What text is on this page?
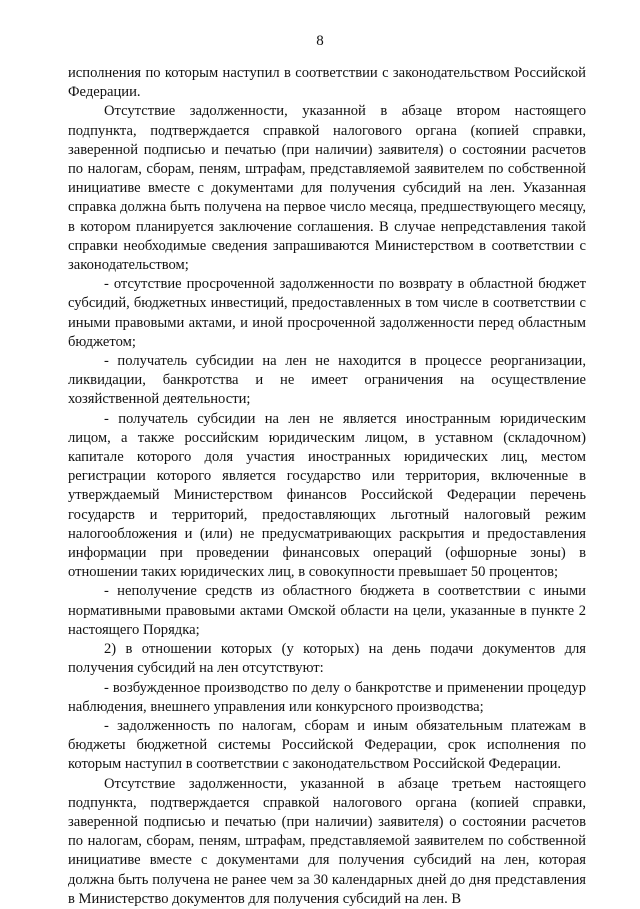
8

исполнения по которым наступил в соответствии с законодательством Российской Федерации.

Отсутствие задолженности, указанной в абзаце втором настоящего подпункта, подтверждается справкой налогового органа (копией справки, заверенной подписью и печатью (при наличии) заявителя) о состоянии расчетов по налогам, сборам, пеням, штрафам, представляемой заявителем по собственной инициативе вместе с документами для получения субсидий на лен. Указанная справка должна быть получена на первое число месяца, предшествующего месяцу, в котором планируется заключение соглашения. В случае непредставления такой справки необходимые сведения запрашиваются Министерством в соответствии с законодательством;

- отсутствие просроченной задолженности по возврату в областной бюджет субсидий, бюджетных инвестиций, предоставленных в том числе в соответствии с иными правовыми актами, и иной просроченной задолженности перед областным бюджетом;

- получатель субсидии на лен не находится в процессе реорганизации, ликвидации, банкротства и не имеет ограничения на осуществление хозяйственной деятельности;

- получатель субсидии на лен не является иностранным юридическим лицом, а также российским юридическим лицом, в уставном (складочном) капитале которого доля участия иностранных юридических лиц, местом регистрации которого является государство или территория, включенные в утверждаемый Министерством финансов Российской Федерации перечень государств и территорий, предоставляющих льготный налоговый режим налогообложения и (или) не предусматривающих раскрытия и предоставления информации при проведении финансовых операций (офшорные зоны) в отношении таких юридических лиц, в совокупности превышает 50 процентов;

- неполучение средств из областного бюджета в соответствии с иными нормативными правовыми актами Омской области на цели, указанные в пункте 2 настоящего Порядка;

2) в отношении которых (у которых) на день подачи документов для получения субсидий на лен отсутствуют:

- возбужденное производство по делу о банкротстве и применении процедур наблюдения, внешнего управления или конкурсного производства;

- задолженность по налогам, сборам и иным обязательным платежам в бюджеты бюджетной системы Российской Федерации, срок исполнения по которым наступил в соответствии с законодательством Российской Федерации.

Отсутствие задолженности, указанной в абзаце третьем настоящего подпункта, подтверждается справкой налогового органа (копией справки, заверенной подписью и печатью (при наличии) заявителя) о состоянии расчетов по налогам, сборам, пеням, штрафам, представляемой заявителем по собственной инициативе вместе с документами для получения субсидий на лен, которая должна быть получена не ранее чем за 30 календарных дней до дня представления в Министерство документов для получения субсидий на лен. В
